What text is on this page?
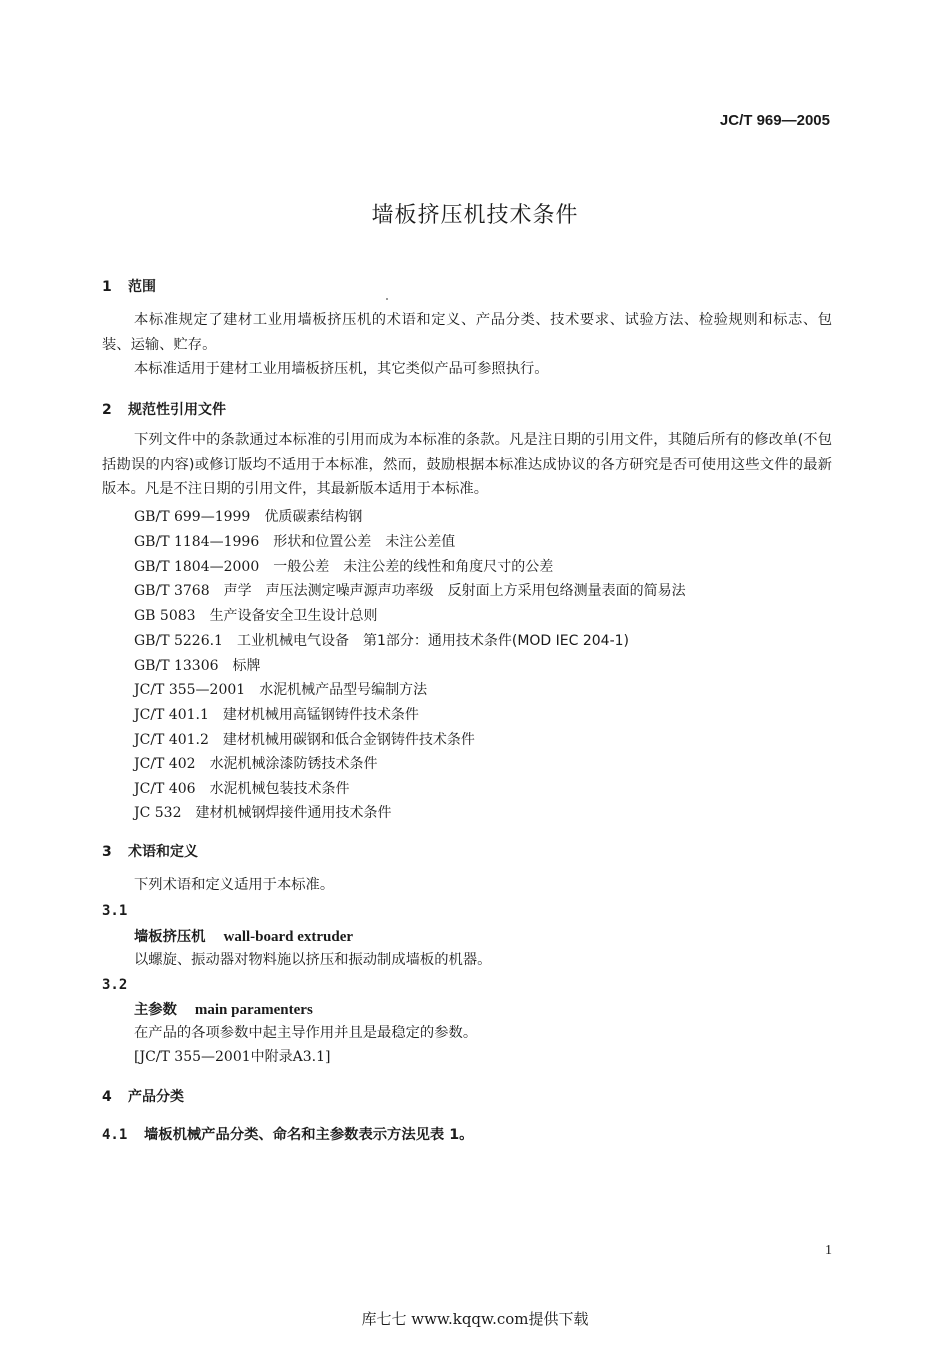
JC/T 969—2005
墙板挤压机技术条件
1 范围
本标准规定了建材工业用墙板挤压机的术语和定义、产品分类、技术要求、试验方法、检验规则和标志、包装、运输、贮存。
本标准适用于建材工业用墙板挤压机，其它类似产品可参照执行。
2 规范性引用文件
下列文件中的条款通过本标准的引用而成为本标准的条款。凡是注日期的引用文件，其随后所有的修改单(不包括勘误的内容)或修订版均不适用于本标准，然而，鼓励根据本标准达成协议的各方研究是否可使用这些文件的最新版本。凡是不注日期的引用文件，其最新版本适用于本标准。
GB/T 699—1999 优质碳素结构钢
GB/T 1184—1996 形状和位置公差　未注公差值
GB/T 1804—2000 一般公差　未注公差的线性和角度尺寸的公差
GB/T 3768 声学　声压法测定噪声源声功率级　反射面上方采用包络测量表面的简易法
GB 5083 生产设备安全卫生设计总则
GB/T 5226.1 工业机械电气设备　第1部分：通用技术条件(MOD IEC 204-1)
GB/T 13306 标牌
JC/T 355—2001 水泥机械产品型号编制方法
JC/T 401.1 建材机械用高锰钢铸件技术条件
JC/T 401.2 建材机械用碳钢和低合金钢铸件技术条件
JC/T 402 水泥机械涂漆防锈技术条件
JC/T 406 水泥机械包装技术条件
JC 532 建材机械钢焊接件通用技术条件
3 术语和定义
下列术语和定义适用于本标准。
3.1
墙板挤压机 wall-board extruder
以螺旋、振动器对物料施以挤压和振动制成墙板的机器。
3.2
主参数 main paramenters
在产品的各项参数中起主导作用并且是最稳定的参数。
[JC/T 355—2001中附录A3.1]
4 产品分类
4.1 墙板机械产品分类、命名和主参数表示方法见表 1。
1
库七七 www.kqqw.com提供下载
